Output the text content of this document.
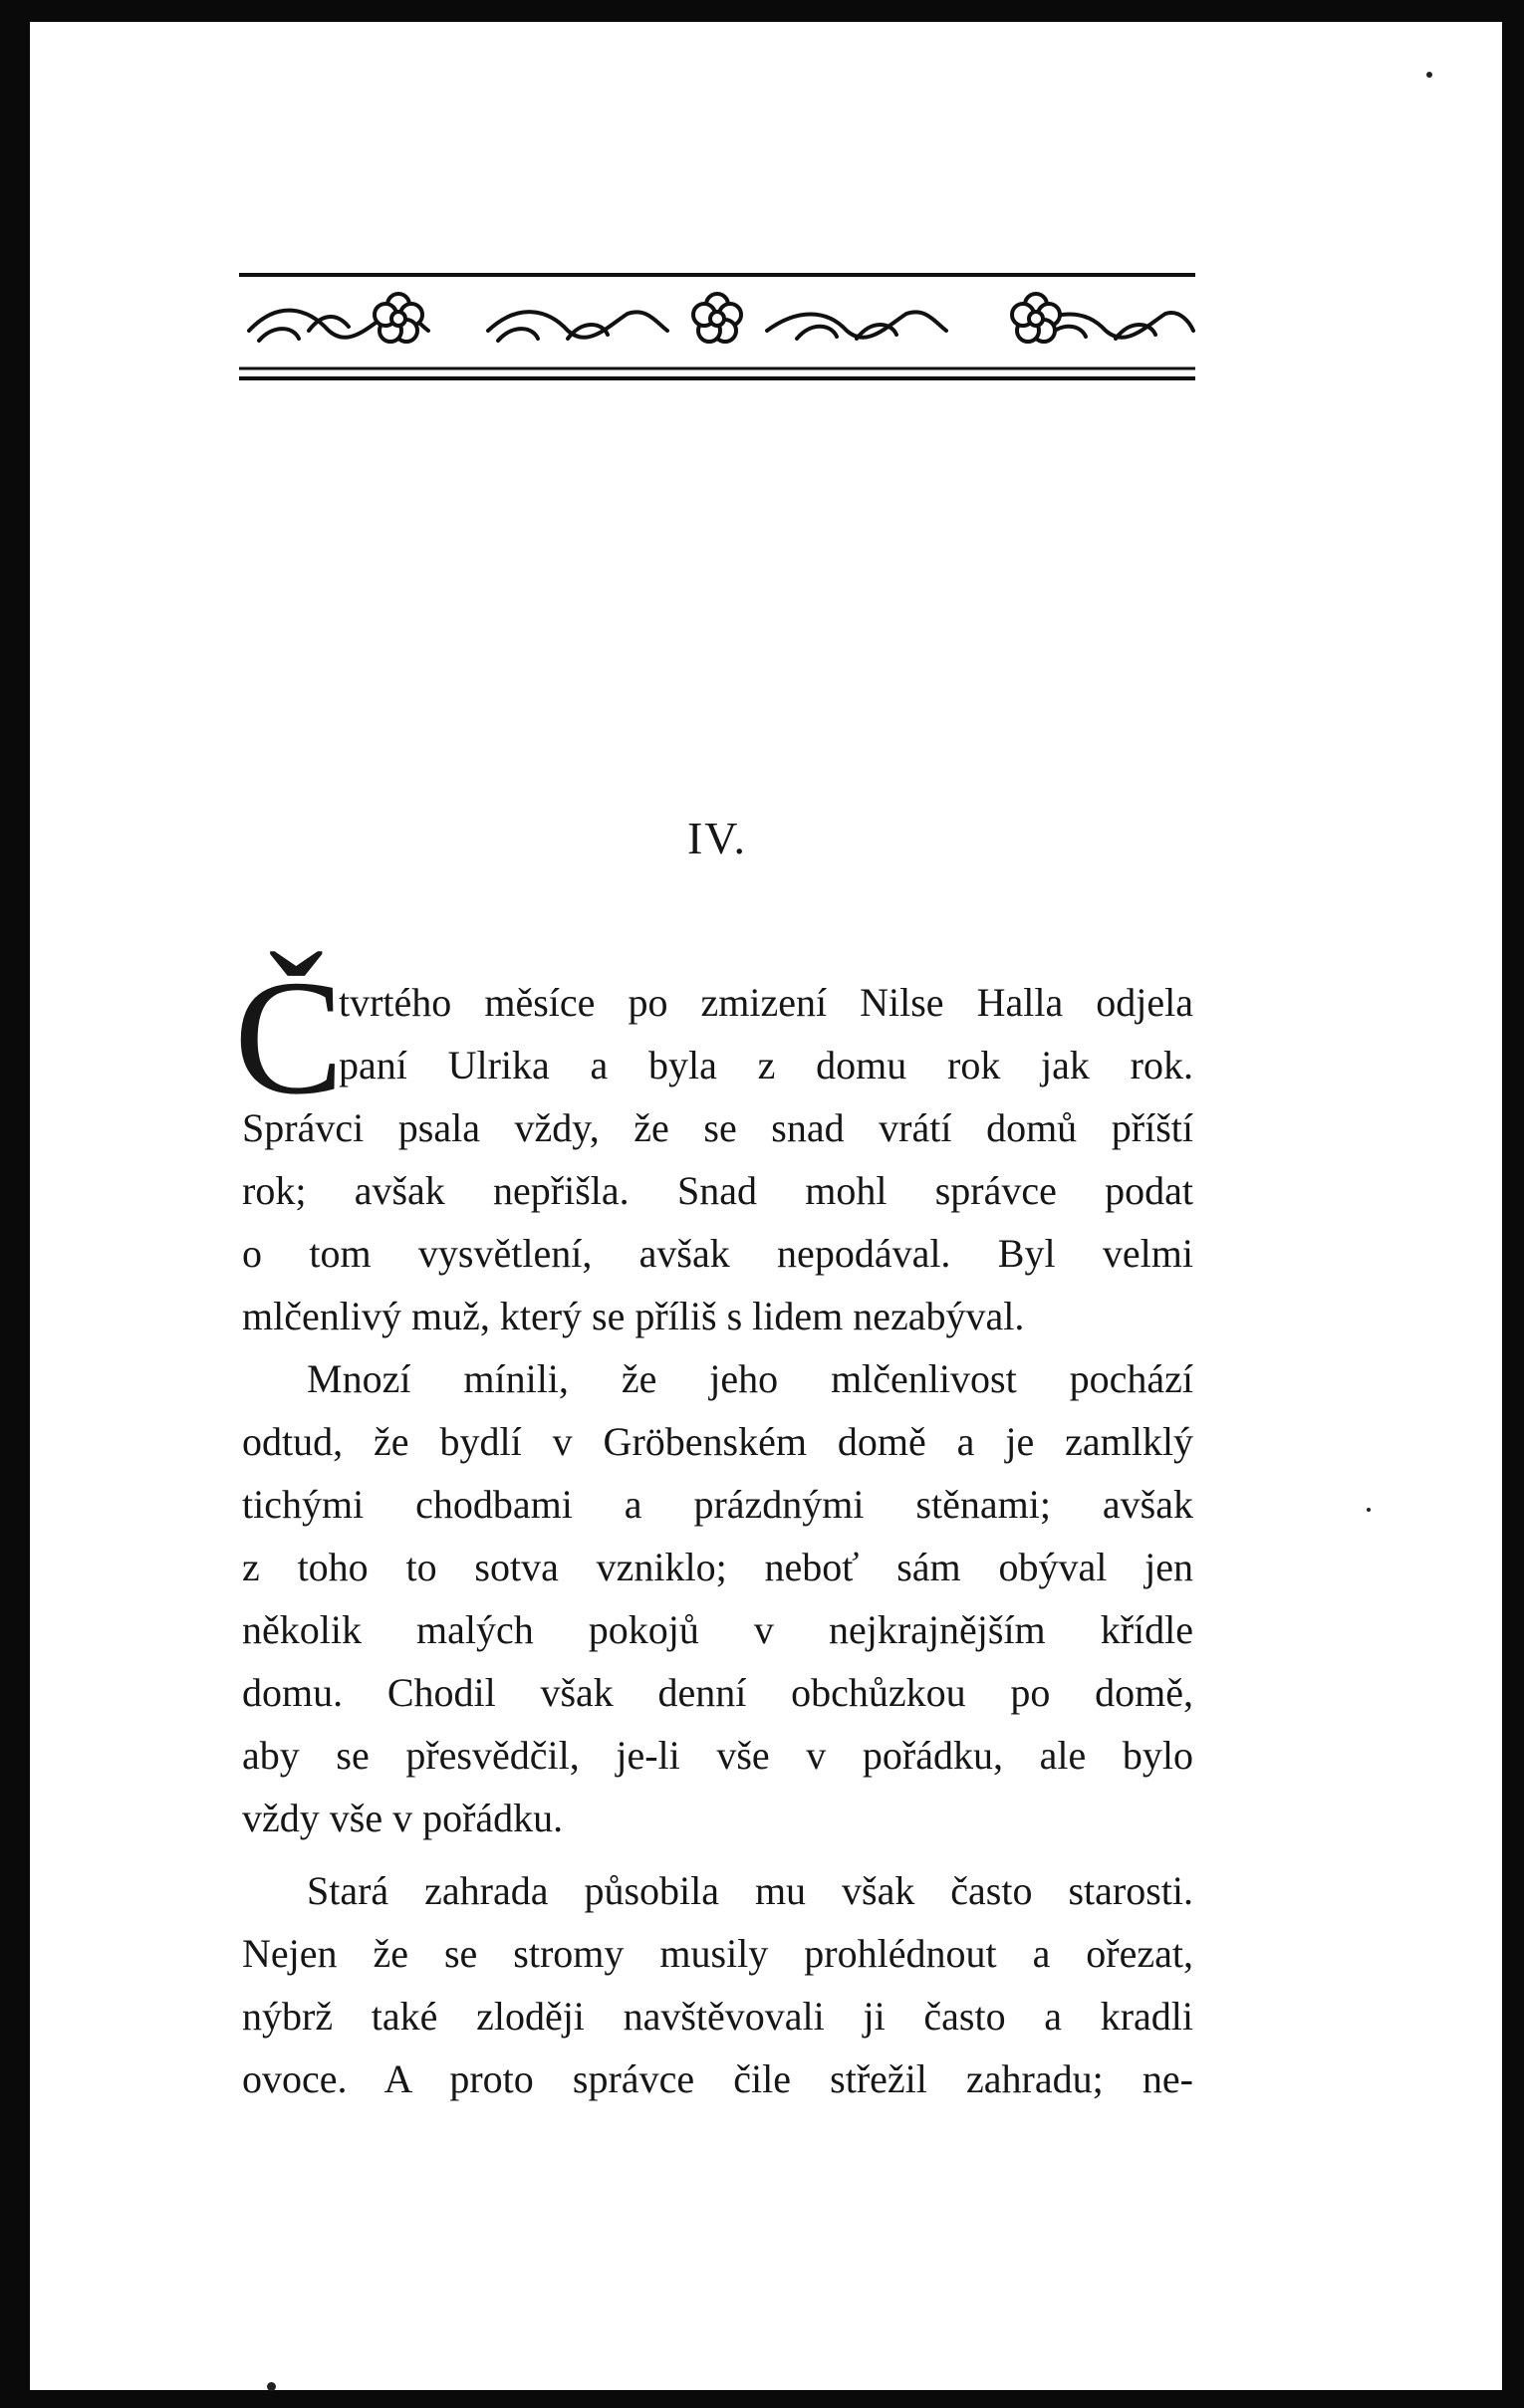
IV.
Č
tvrtého měsíce po zmizení Nilse Halla odjela
paní Ulrika a byla z domu rok jak rok.
Správci psala vždy, že se snad vrátí domů příští
rok; avšak nepřišla. Snad mohl správce podat
o tom vysvětlení, avšak nepodával. Byl velmi
mlčenlivý muž, který se příliš s lidem nezabýval.
Mnozí mínili, že jeho mlčenlivost pochází
odtud, že bydlí v Gröbenském domě a je zamlklý
tichými chodbami a prázdnými stěnami; avšak
z toho to sotva vzniklo; neboť sám obýval jen
několik malých pokojů v nejkrajnějším křídle
domu. Chodil však denní obchůzkou po domě,
aby se přesvědčil, je-li vše v pořádku, ale bylo
vždy vše v pořádku.
Stará zahrada působila mu však často starosti.
Nejen že se stromy musily prohlédnout a ořezat,
nýbrž také zloději navštěvovali ji často a kradli
ovoce. A proto správce čile střežil zahradu; ne-
